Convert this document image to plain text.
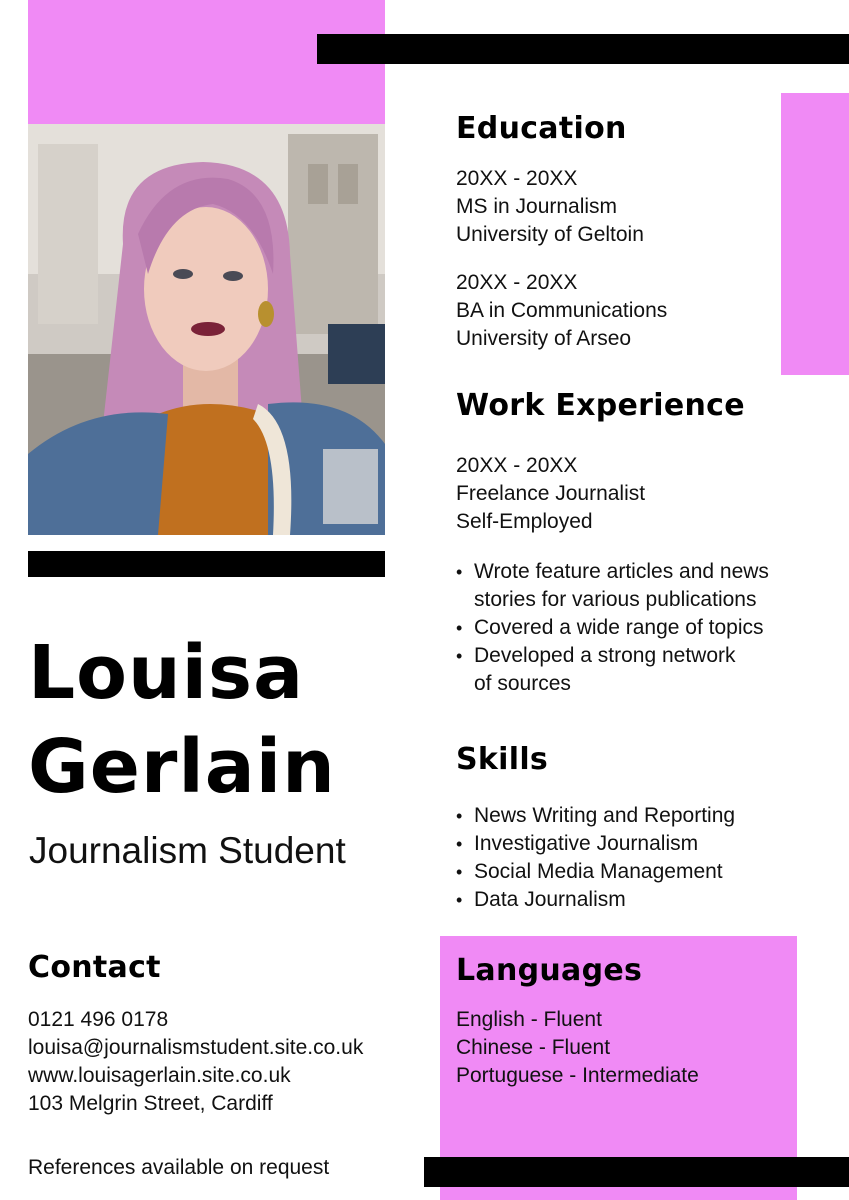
Louisa
Gerlain
Journalism Student
Contact
0121 496 0178
louisa@journalismstudent.site.co.uk
www.louisagerlain.site.co.uk
103 Melgrin Street, Cardiff
References available on request
Education
20XX - 20XX
MS in Journalism
University of Geltoin
20XX - 20XX
BA in Communications
University of Arseo
Work Experience
20XX - 20XX
Freelance Journalist
Self-Employed
• Wrote feature articles and news
stories for various publications
• Covered a wide range of topics
• Developed a strong network
of sources
Skills
• News Writing and Reporting
• Investigative Journalism
• Social Media Management
• Data Journalism
Languages
English - Fluent
Chinese - Fluent
Portuguese - Intermediate
